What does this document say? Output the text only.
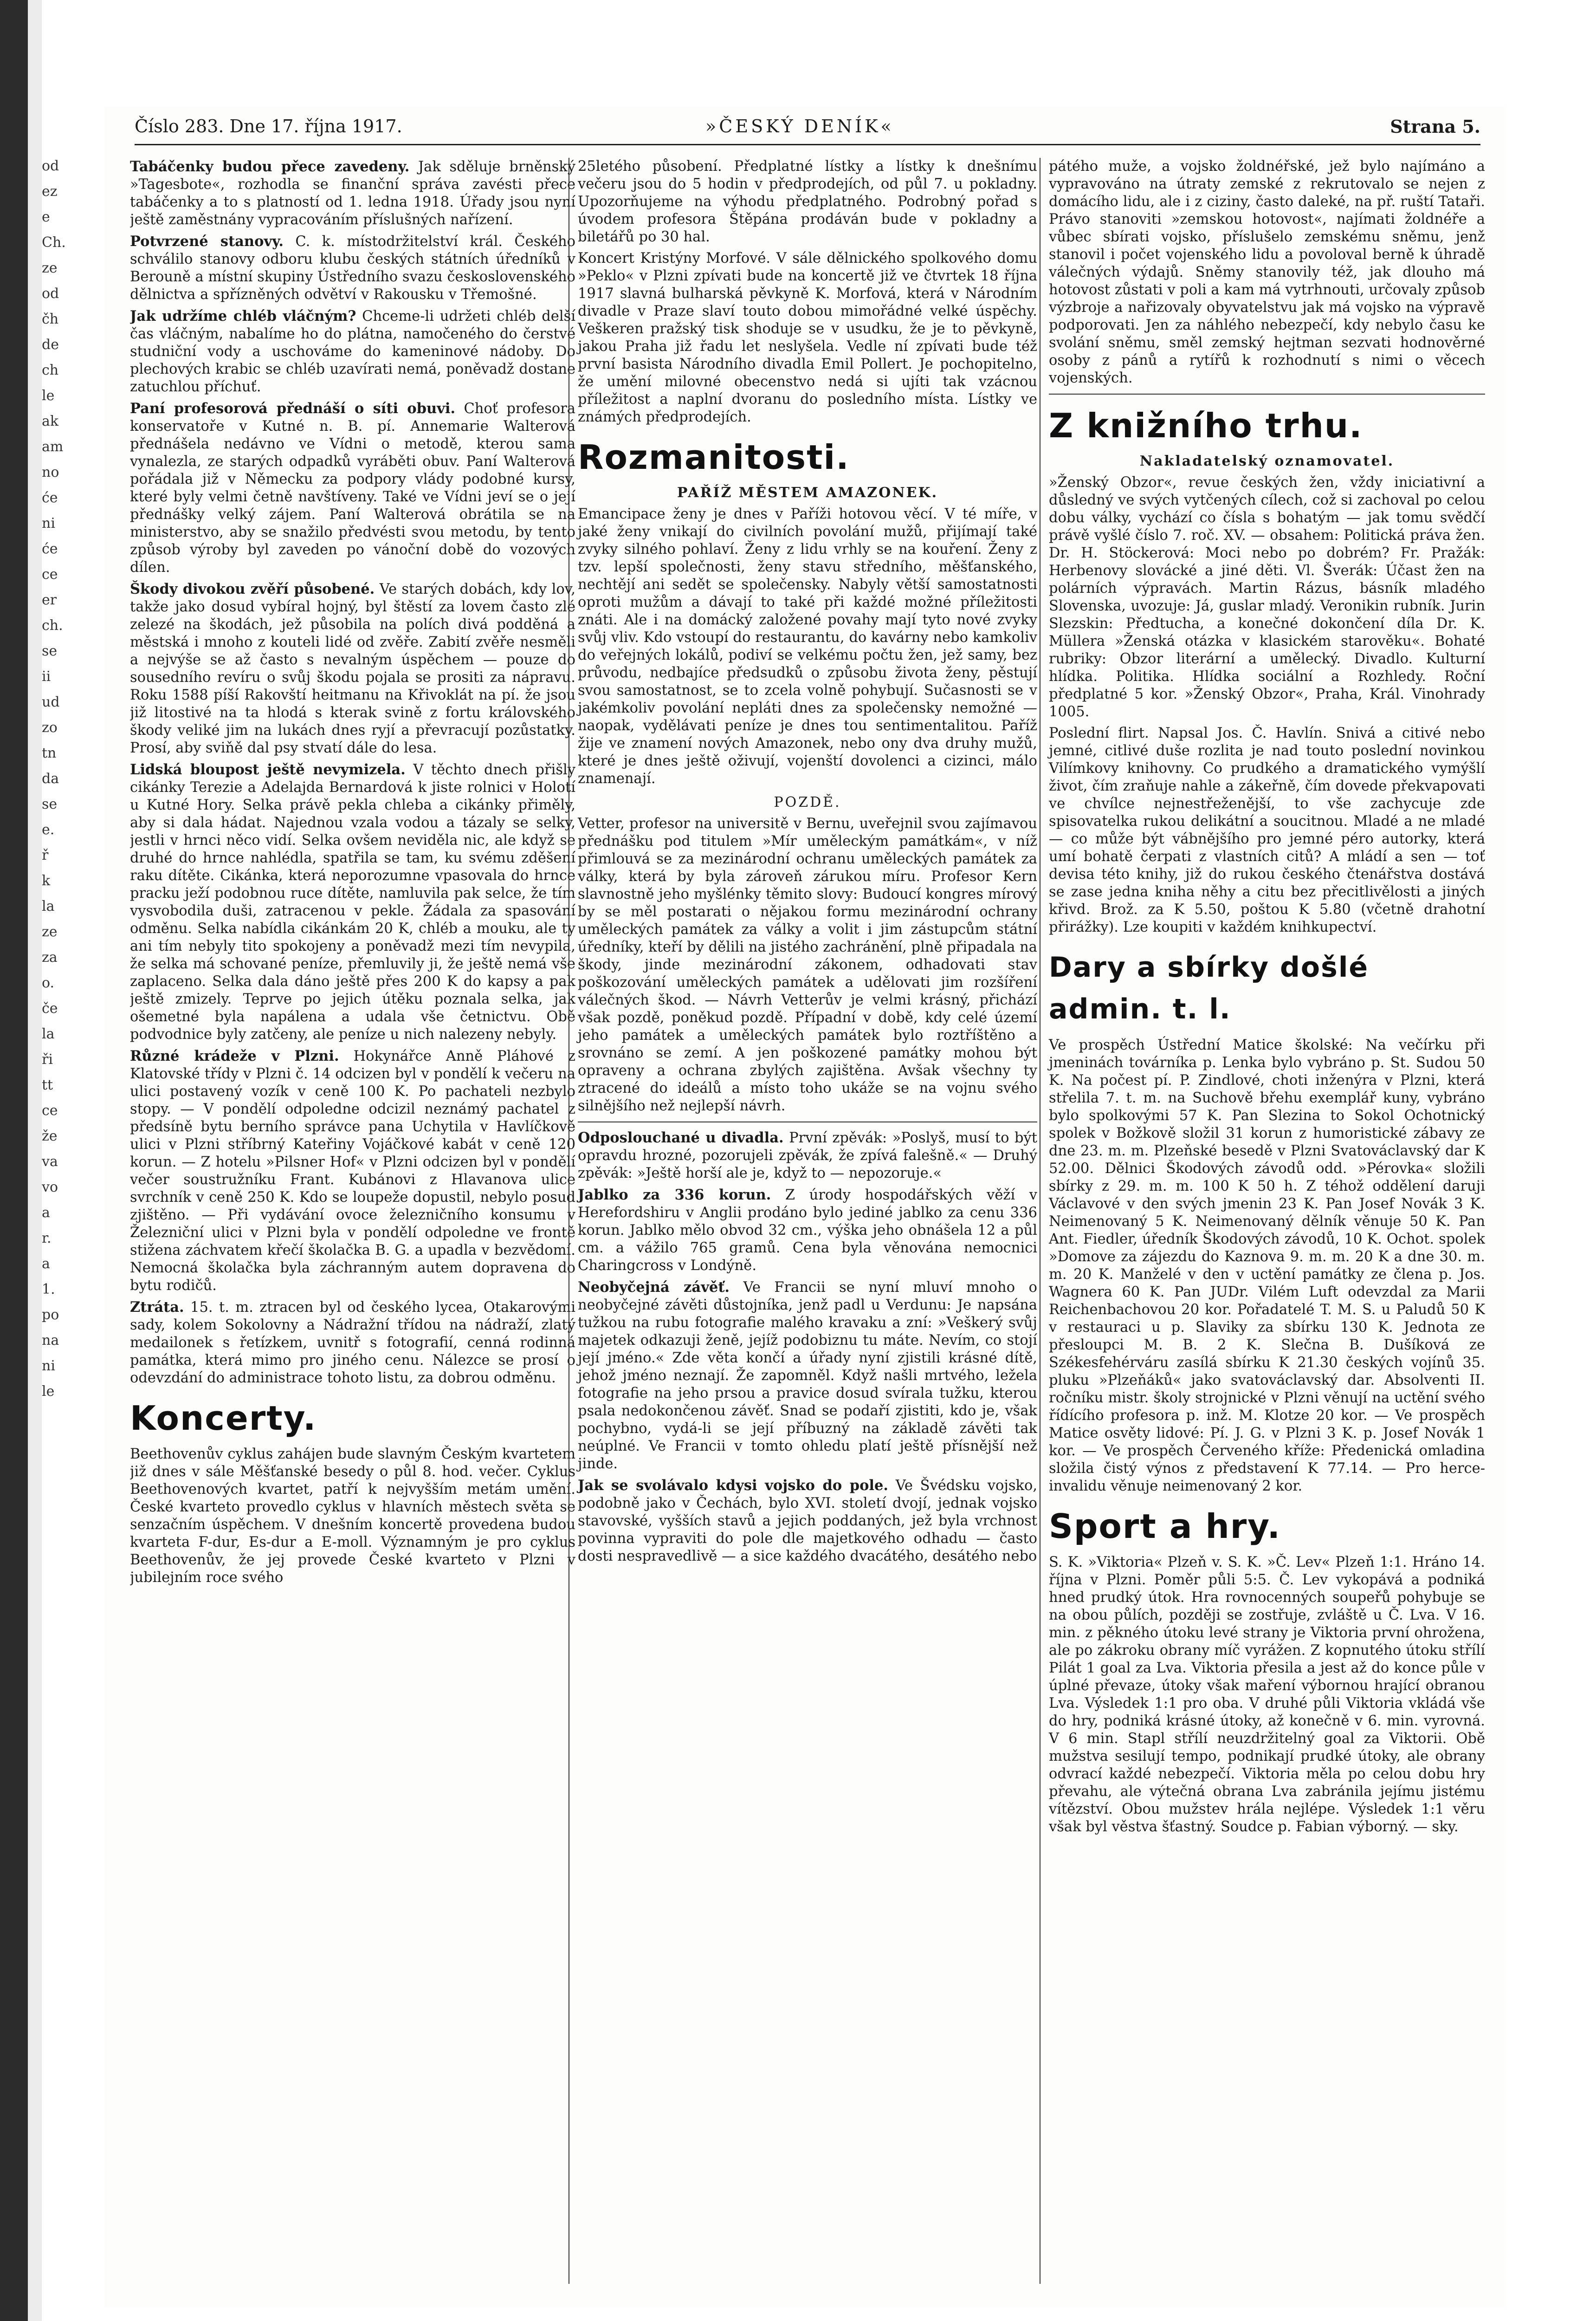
od
ez
e
Ch.
ze
od
čh
de
ch
le
ak
am
no
će
ni
će
ce
er
ch.
se
ii
ud
zo
tn
da
se
e.
ř
k
la
ze
za
o.
če
la
ři
tt
ce
že
va
vo
a
r.
a
1.
po
na
ni
le
Číslo 283. Dne 17. října 1917.	»ČESKÝ DENÍK«	Strana 5.

Tabáčenky budou přece zavedeny. Jak sděluje brněnský »Tagesbote«, rozhodla se finanční správa zavésti přece tabáčenky a to s platností od 1. ledna 1918. Úřady jsou nyní ještě zaměstnány vypracováním příslušných nařízení.

Potvrzené stanovy. C. k. místodržitelství král. Českého schválilo stanovy odboru klubu českých státních úředníků v Berouně a místní skupiny Ústředního svazu československého dělnictva a spřízněných odvětví v Rakousku v Třemošné.

Jak udržíme chléb vláčným? Chceme-li udržeti chléb delší čas vláčným, nabalíme ho do plátna, namočeného do čerstvé studniční vody a uschováme do kameninové nádoby. Do plechových krabic se chléb uzavírati nemá, poněvadž dostane zatuchlou příchuť.

Paní profesorová přednáší o síti obuvi. Choť profesora konservatoře v Kutné n. B. pí. Annemarie Walterová přednášela nedávno ve Vídni o metodě, kterou sama vynalezla, ze starých odpadků vyráběti obuv. Paní Walterová pořádala již v Německu za podpory vlády podobné kursy, které byly velmi četně navštíveny. Také ve Vídni jeví se o její přednášky velký zájem. Paní Walterová obrátila se na ministerstvo, aby se snažilo předvésti svou metodu, by tento způsob výroby byl zaveden po vánoční době do vozových dílen.

Škody divokou zvěří působené. Ve starých dobách, kdy lov, takže jako dosud vybíral hojný, byl štěstí za lovem často zlé zelezé na škodách, jež působila na polích divá podděná a městská i mnoho z kouteli lidé od zvěře. Zabití zvěře nesměli a nejvýše se až často s nevalným úspěchem — pouze do sousedního revíru o svůj škodu pojala se prositi za nápravu. Roku 1588 píší Rakovští heitmanu na Křivoklát na pí. že jsou již litostivé na ta hlodá s kterak svině z fortu královského škody veliké jim na lukách dnes ryjí a převracují pozůstatky. Prosí, aby sviňě dal psy stvatí dále do lesa.

Lidská bloupost ještě nevymizela. V těchto dnech přišly cikánky Terezie a Adelajda Bernardová k jiste rolnici v Holotí u Kutné Hory. Selka právě pekla chleba a cikánky přiměly, aby si dala hádat. Najednou vzala vodou a tázaly se selky, jestli v hrnci něco vidí. Selka ovšem neviděla nic, ale když se druhé do hrnce nahlédla, spatřila se tam, ku svému zděšení raku dítěte. Cikánka, která neporozumne vpasovala do hrnce pracku ježí podobnou ruce dítěte, namluvila pak selce, že tím vysvobodila duši, zatracenou v pekle. Žádala za spasování odměnu. Selka nabídla cikánkám 20 K, chléb a mouku, ale ty ani tím nebyly tito spokojeny a poněvadž mezi tím nevypila, že selka má schované peníze, přemluvily ji, že ještě nemá vše zaplaceno. Selka dala dáno ještě přes 200 K do kapsy a pak ještě zmizely. Teprve po jejich útěku poznala selka, jak ošemetné byla napálena a udala vše četnictvu. Obě podvodnice byly zatčeny, ale peníze u nich nalezeny nebyly.

Různé krádeže v Plzni. Hokynářce Anně Pláhové z Klatovské třídy v Plzni č. 14 odcizen byl v pondělí k večeru na ulici postavený vozík v ceně 100 K. Po pachateli nezbylo stopy. — V pondělí odpoledne odcizil neznámý pachatel z předsíně bytu berního správce pana Uchytila v Havlíčkově ulici v Plzni stříbrný Kateřiny Vojáčkové kabát v ceně 120 korun. — Z hotelu »Pilsner Hof« v Plzni odcizen byl v pondělí večer soustružníku Frant. Kubánovi z Hlavanova ulice svrchník v ceně 250 K. Kdo se loupeže dopustil, nebylo posud zjištěno. — Při vydávání ovoce železničního konsumu v Železniční ulici v Plzni byla v pondělí odpoledne ve frontě stižena záchvatem křečí školačka B. G. a upadla v bezvědomí. Nemocná školačka byla záchranným autem dopravena do bytu rodičů.

Ztráta. 15. t. m. ztracen byl od českého lycea, Otakarovými sady, kolem Sokolovny a Nádražní třídou na nádraží, zlatý medailonek s řetízkem, uvnitř s fotografií, cenná rodinná památka, která mimo pro jiného cenu. Nálezce se prosí o odevzdání do administrace tohoto listu, za dobrou odměnu.

Koncerty.

Beethovenův cyklus zahájen bude slavným Českým kvartetem již dnes v sále Měšťanské besedy o půl 8. hod. večer. Cyklus Beethovenových kvartet, patří k nejvyšším metám umění. České kvarteto provedlo cyklus v hlavních městech světa se senzačním úspěchem. V dnešním koncertě provedena budou kvarteta F-dur, Es-dur a E-moll. Významným je pro cyklus Beethovenův, že jej provede České kvarteto v Plzni v jubilejním roce svého

25letého působení. Předplatné lístky a lístky k dnešnímu večeru jsou do 5 hodin v předprodejích, od půl 7. u pokladny. Upozorňujeme na výhodu předplatného. Podrobný pořad s úvodem profesora Štěpána prodáván bude v pokladny a biletářů po 30 hal.

Koncert Kristýny Morfové. V sále dělnického spolkového domu »Peklo« v Plzni zpívati bude na koncertě již ve čtvrtek 18 října 1917 slavná bulharská pěvkyně K. Morfová, která v Národním divadle v Praze slaví touto dobou mimořádné velké úspěchy. Veškeren pražský tisk shoduje se v usudku, že je to pěvkyně, jakou Praha již řadu let neslyšela. Vedle ní zpívati bude též první basista Národního divadla Emil Pollert. Je pochopitelno, že umění milovné obecenstvo nedá si ujíti tak vzácnou příležitost a naplní dvoranu do posledního místa. Lístky ve známých předprodejích.

Rozmanitosti.
PAŘÍŽ MĚSTEM AMAZONEK.

Emancipace ženy je dnes v Paříži hotovou věcí. V té míře, v jaké ženy vnikají do civilních povolání mužů, přijímají také zvyky silného pohlaví. Ženy z lidu vrhly se na kouření. Ženy z tzv. lepší společnosti, ženy stavu středního, měšťanského, nechtějí ani sedět se společensky. Nabyly větší samostatnosti oproti mužům a dávají to také při každé možné příležitosti znáti. Ale i na domácký založené povahy mají tyto nové zvyky svůj vliv. Kdo vstoupí do restaurantu, do kavárny nebo kamkoliv do veřejných lokálů, podiví se velkému počtu žen, jež samy, bez průvodu, nedbajíce předsudků o způsobu života ženy, pěstují svou samostatnost, se to zcela volně pohybují. Sučasnosti se v jakémkoliv povolání nepláti dnes za společensky nemožné — naopak, vydělávati peníze je dnes tou sentimentalitou. Paříž žije ve znamení nových Amazonek, nebo ony dva druhy mužů, které je dnes ještě oživují, vojenští dovolenci a cizinci, málo znamenají.

POZDĚ.

Vetter, profesor na universitě v Bernu, uveřejnil svou zajímavou přednášku pod titulem »Mír uměleckým památkám«, v níž přimlouvá se za mezinárodní ochranu uměleckých památek za války, která by byla zároveň zárukou míru. Profesor Kern slavnostně jeho myšlénky těmito slovy: Budoucí kongres mírový by se měl postarati o nějakou formu mezinárodní ochrany uměleckých památek za války a volit i jim zástupcům státní úředníky, kteří by dělili na jistého zachránění, plně připadala na škody, jinde mezinárodní zákonem, odhadovati stav poškozování uměleckých památek a udělovati jim rozšíření válečných škod. — Návrh Vetterův je velmi krásný, přichází však pozdě, poněkud pozdě. Případní v době, kdy celé území jeho památek a uměleckých památek bylo roztříštěno a srovnáno se zemí. A jen poškozené památky mohou být opraveny a ochrana zbylých zajištěna. Avšak všechny ty ztracené do ideálů a místo toho ukáže se na vojnu svého silnějšího než nejlepší návrh.

Odposlouchané u divadla. První zpěvák: »Poslyš, musí to být opravdu hrozné, pozorujeli zpěvák, že zpívá falešně.« — Druhý zpěvák: »Ještě horší ale je, když to — nepozoruje.«

Jablko za 336 korun. Z úrody hospodářských věží v Herefordshiru v Anglii prodáno bylo jediné jablko za cenu 336 korun. Jablko mělo obvod 32 cm., výška jeho obnášela 12 a půl cm. a vážilo 765 gramů. Cena byla věnována nemocnici Charingcross v Londýně.

Neobyčejná závěť. Ve Francii se nyní mluví mnoho o neobyčejné závěti důstojníka, jenž padl u Verdunu: Je napsána tužkou na rubu fotografie malého kravaku a zní: »Veškerý svůj majetek odkazuji ženě, jejíž podobiznu tu máte. Nevím, co stojí její jméno.« Zde věta končí a úřady nyní zjistili krásné dítě, jehož jméno neznají. Že zapomněl. Když našli mrtvého, ležela fotografie na jeho prsou a pravice dosud svírala tužku, kterou psala nedokončenou závěť. Snad se podaří zjistiti, kdo je, však pochybno, vydá-li se její příbuzný na základě závěti tak neúplné. Ve Francii v tomto ohledu platí ještě přísnější než jinde.

Jak se svolávalo kdysi vojsko do pole. Ve Švédsku vojsko, podobně jako v Čechách, bylo XVI. století dvojí, jednak vojsko stavovské, vyšších stavů a jejich poddaných, jež byla vrchnost povinna vypraviti do pole dle majetkového odhadu — často dosti nespravedlivě — a sice každého dvacátého, desátého nebo

pátého muže, a vojsko žoldnéřské, jež bylo najímáno a vypravováno na útraty zemské z rekrutovalo se nejen z domácího lidu, ale i z ciziny, často daleké, na př. ruští Tataři. Právo stanoviti »zemskou hotovost«, najímati žoldnéře a vůbec sbírati vojsko, příslušelo zemskému sněmu, jenž stanovil i počet vojenského lidu a povoloval berně k úhradě válečných výdajů. Sněmy stanovily též, jak dlouho má hotovost zůstati v poli a kam má vytrhnouti, určovaly způsob výzbroje a nařizovaly obyvatelstvu jak má vojsko na výpravě podporovati. Jen za náhlého nebezpečí, kdy nebylo času ke svolání sněmu, směl zemský hejtman sezvati hodnověrné osoby z pánů a rytířů k rozhodnutí s nimi o věcech vojenských.

Z knižního trhu.
Nakladatelský oznamovatel.

»Ženský Obzor«, revue českých žen, vždy iniciativní a důsledný ve svých vytčených cílech, což si zachoval po celou dobu války, vychází co čísla s bohatým — jak tomu svědčí právě vyšlé číslo 7. roč. XV. — obsahem: Politická práva žen. Dr. H. Stöckerová: Moci nebo po dobrém? Fr. Pražák: Herbenovy slovácké a jiné děti. Vl. Šverák: Účast žen na polárních výpravách. Martin Rázus, básník mladého Slovenska, uvozuje: Já, guslar mladý. Veronikin rubník. Jurin Slezskin: Předtucha, a konečné dokončení díla Dr. K. Müllera »Ženská otázka v klasickém starověku«. Bohaté rubriky: Obzor literární a umělecký. Divadlo. Kulturní hlídka. Politika. Hlídka sociální a Rozhledy. Roční předplatné 5 kor. »Ženský Obzor«, Praha, Král. Vinohrady 1005.

Poslední flirt. Napsal Jos. Č. Havlín. Snivá a citivé nebo jemné, citlivé duše rozlita je nad touto poslední novinkou Vilímkovy knihovny. Co prudkého a dramatického vymýšlí život, čím zraňuje nahle a zákeřně, čím dovede překvapovati ve chvílce nejnestřeženější, to vše zachycuje zde spisovatelka rukou delikátní a soucitnou. Mladé a ne mladé — co může být vábnějšího pro jemné péro autorky, která umí bohatě čerpati z vlastních citů? A mládí a sen — toť devisa této knihy, již do rukou českého čtenářstva dostává se zase jedna kniha něhy a citu bez přecitlivělosti a jiných křivd. Brož. za K 5.50, poštou K 5.80 (včetně drahotní přirážky). Lze koupiti v každém knihkupectví.

Dary a sbírky došlé admin. t. l.

Ve prospěch Ústřední Matice školské: Na večírku při jmeninách továrníka p. Lenka bylo vybráno p. St. Sudou 50 K. Na počest pí. P. Zindlové, choti inženýra v Plzni, která střelila 7. t. m. na Suchově břehu exemplář kuny, vybráno bylo spolkovými 57 K. Pan Slezina to Sokol Ochotnický spolek v Božkově složil 31 korun z humoristické zábavy ze dne 23. m. m. Plzeňské besedě v Plzni Svatováclavský dar K 52.00. Dělnici Škodových závodů odd. »Pérovka« složili sbírky z 29. m. m. 100 K 50 h. Z téhož oddělení daruji Václavové v den svých jmenin 23 K. Pan Josef Novák 3 K. Neimenovaný 5 K. Neimenovaný dělník věnuje 50 K. Pan Ant. Fiedler, úředník Škodových závodů, 10 K. Ochot. spolek »Domove za zájezdu do Kaznova 9. m. m. 20 K a dne 30. m. m. 20 K. Manželé v den v uctění památky ze člena p. Jos. Wagnera 60 K. Pan JUDr. Vilém Luft odevzdal za Marii Reichenbachovou 20 kor. Pořadatelé T. M. S. u Paludů 50 K v restauraci u p. Slaviky za sbírku 130 K. Jednota ze přesloupci M. B. 2 K. Slečna B. Dušíková ze Székesfehérváru zasílá sbírku K 21.30 českých vojínů 35. pluku »Plzeňáků« jako svatováclavský dar. Absolventi II. ročníku mistr. školy strojnické v Plzni věnují na uctění svého řídícího profesora p. inž. M. Klotze 20 kor. — Ve prospěch Matice osvěty lidové: Pí. J. G. v Plzni 3 K. p. Josef Novák 1 kor. — Ve prospěch Červeného kříže: Předenická omladina složila čistý výnos z představení K 77.14. — Pro herce-invalidu věnuje neimenovaný 2 kor.

Sport a hry.

S. K. »Viktoria« Plzeň v. S. K. »Č. Lev« Plzeň 1:1. Hráno 14. října v Plzni. Poměr půli 5:5. Č. Lev vykopává a podniká hned prudký útok. Hra rovnocenných soupeřů pohybuje se na obou půlích, později se zostřuje, zvláště u Č. Lva. V 16. min. z pěkného útoku levé strany je Viktoria první ohrožena, ale po zákroku obrany míč vyrážen. Z kopnutého útoku střílí Pilát 1 goal za Lva. Viktoria přesila a jest až do konce půle v úplné převaze, útoky však maření výbornou hrající obranou Lva. Výsledek 1:1 pro oba. V druhé půli Viktoria vkládá vše do hry, podniká krásné útoky, až konečně v 6. min. vyrovná. V 6 min. Stapl střílí neuzdržitelný goal za Viktorii. Obě mužstva sesilují tempo, podnikají prudké útoky, ale obrany odvrací každé nebezpečí. Viktoria měla po celou dobu hry převahu, ale výtečná obrana Lva zabránila jejímu jistému vítězství. Obou mužstev hrála nejlépe. Výsledek 1:1 věru však byl věstva šťastný. Soudce p. Fabian výborný. — sky.
